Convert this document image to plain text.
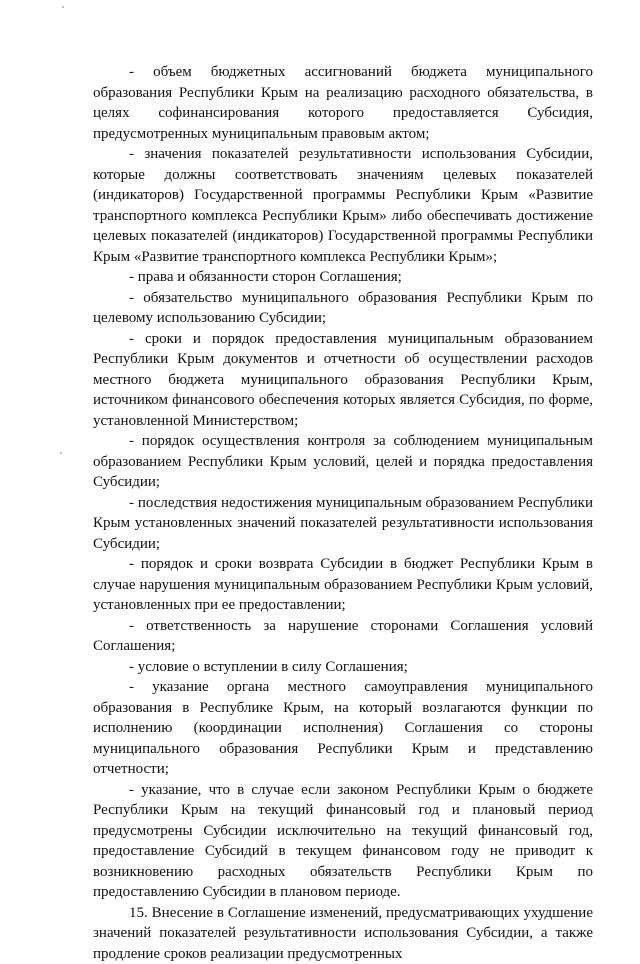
- объем бюджетных ассигнований бюджета муниципального образования Республики Крым на реализацию расходного обязательства, в целях софинансирования которого предоставляется Субсидия, предусмотренных муниципальным правовым актом;

- значения показателей результативности использования Субсидии, которые должны соответствовать значениям целевых показателей (индикаторов) Государственной программы Республики Крым «Развитие транспортного комплекса Республики Крым» либо обеспечивать достижение целевых показателей (индикаторов) Государственной программы Республики Крым «Развитие транспортного комплекса Республики Крым»;

- права и обязанности сторон Соглашения;

- обязательство муниципального образования Республики Крым по целевому использованию Субсидии;

- сроки и порядок предоставления муниципальным образованием Республики Крым документов и отчетности об осуществлении расходов местного бюджета муниципального образования Республики Крым, источником финансового обеспечения которых является Субсидия, по форме, установленной Министерством;

- порядок осуществления контроля за соблюдением муниципальным образованием Республики Крым условий, целей и порядка предоставления Субсидии;

- последствия недостижения муниципальным образованием Республики Крым установленных значений показателей результативности использования Субсидии;

- порядок и сроки возврата Субсидии в бюджет Республики Крым в случае нарушения муниципальным образованием Республики Крым условий, установленных при ее предоставлении;

- ответственность за нарушение сторонами Соглашения условий Соглашения;

- условие о вступлении в силу Соглашения;

- указание органа местного самоуправления муниципального образования в Республике Крым, на который возлагаются функции по исполнению (координации исполнения) Соглашения со стороны муниципального образования Республики Крым и представлению отчетности;

- указание, что в случае если законом Республики Крым о бюджете Республики Крым на текущий финансовый год и плановый период предусмотрены Субсидии исключительно на текущий финансовый год, предоставление Субсидий в текущем финансовом году не приводит к возникновению расходных обязательств Республики Крым по предоставлению Субсидии в плановом периоде.

15. Внесение в Соглашение изменений, предусматривающих ухудшение значений показателей результативности использования Субсидии, а также продление сроков реализации предусмотренных
